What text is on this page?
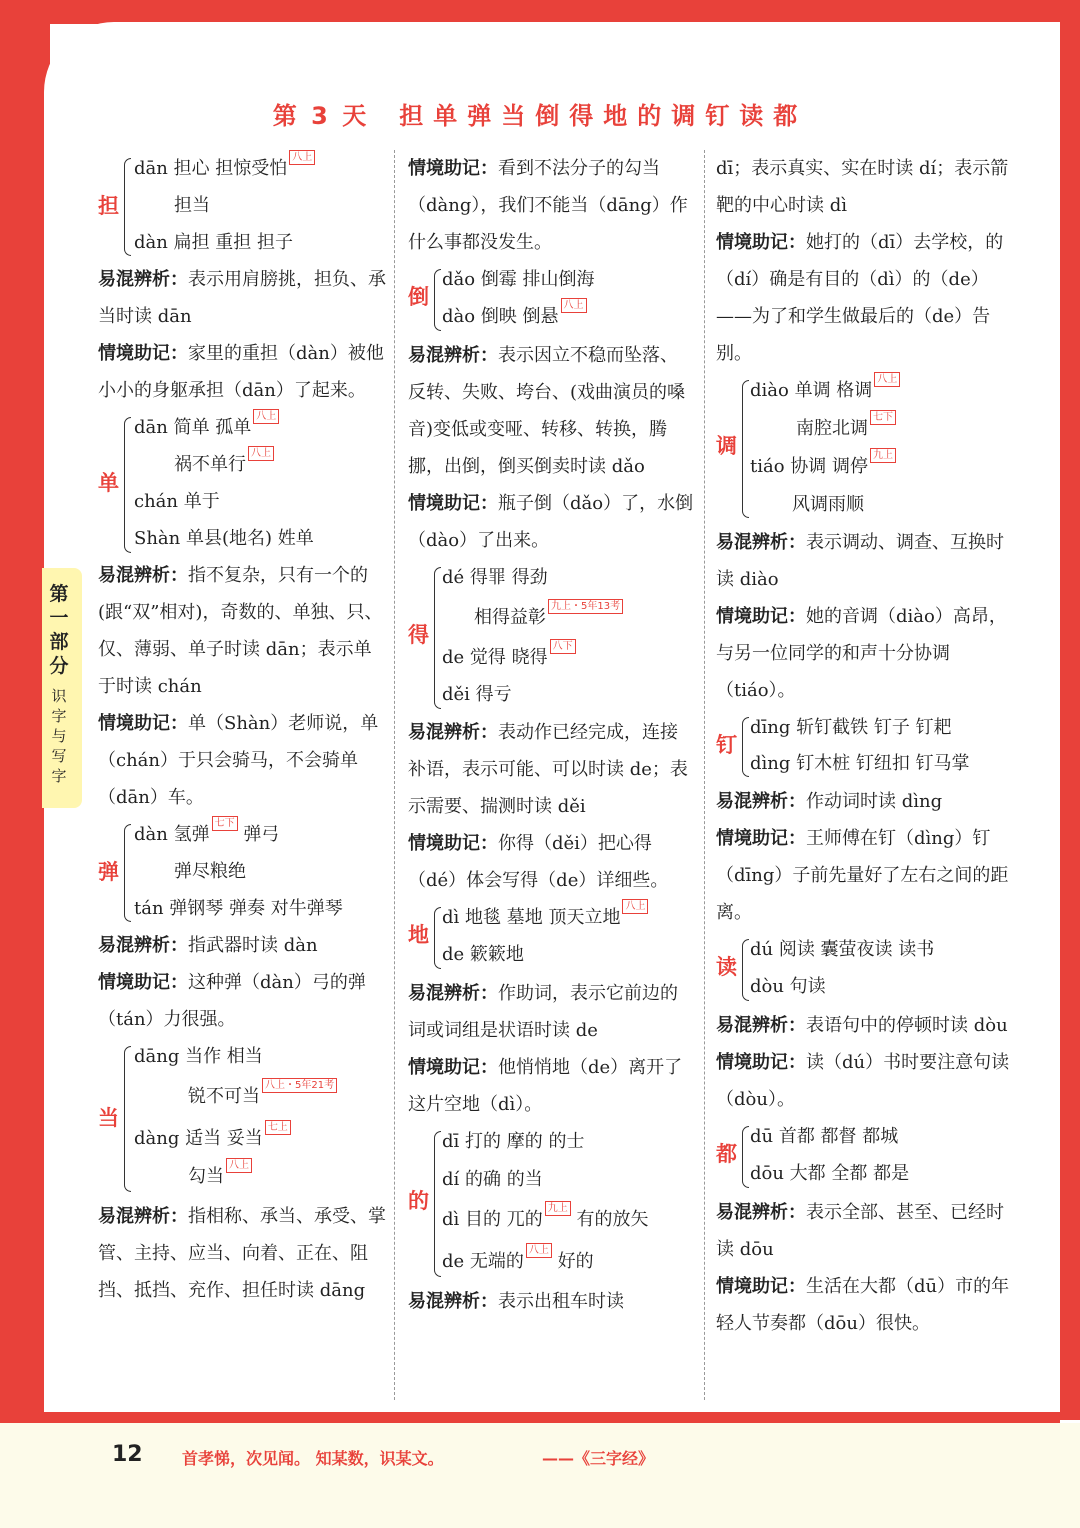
第 3 天 担单弹当倒得地的调钉读都
第一部分
识字与写字
担
dān 担心 担惊受怕八上
担当
dàn 扁担 重担 担子
易混辨析：表示用肩膀挑，担负、承当时读 dān
情境助记：家里的重担（dàn）被他小小的身躯承担（dān）了起来。
单
dān 简单 孤单八上
祸不单行八上
chán 单于
Shàn 单县(地名) 姓单
易混辨析：指不复杂，只有一个的(跟“双”相对)，奇数的、单独、只、仅、薄弱、单子时读 dān；表示单于时读 chán
情境助记：单（Shàn）老师说，单（chán）于只会骑马，不会骑单（dān）车。
弹
dàn 氢弹七下 弹弓
弹尽粮绝
tán 弹钢琴 弹奏 对牛弹琴
易混辨析：指武器时读 dàn
情境助记：这种弹（dàn）弓的弹（tán）力很强。
当
dāng 当作 相当
锐不可当八上・5年21考
dàng 适当 妥当七上
勾当八上
易混辨析：指相称、承当、承受、掌管、主持、应当、向着、正在、阻挡、抵挡、充作、担任时读 dāng
情境助记：看到不法分子的勾当（dàng），我们不能当（dāng）作什么事都没发生。
倒
dǎo 倒霉 排山倒海
dào 倒映 倒悬八上
易混辨析：表示因立不稳而坠落、反转、失败、垮台、(戏曲演员的嗓音)变低或变哑、转移、转换，腾挪，出倒，倒买倒卖时读 dǎo
情境助记：瓶子倒（dǎo）了，水倒（dào）了出来。
得
dé 得罪 得劲
相得益彰九上・5年13考
de 觉得 晓得八下
děi 得亏
易混辨析：表动作已经完成，连接补语，表示可能、可以时读 de；表示需要、揣测时读 děi
情境助记：你得（děi）把心得（dé）体会写得（de）详细些。
地
dì 地毯 墓地 顶天立地八上
de 簌簌地
易混辨析：作助词，表示它前边的词或词组是状语时读 de
情境助记：他悄悄地（de）离开了这片空地（dì）。
的
dī 打的 摩的 的士
dí 的确 的当
dì 目的 兀的九上 有的放矢
de 无端的八上 好的
易混辨析：表示出租车时读
dī；表示真实、实在时读 dí；表示箭靶的中心时读 dì
情境助记：她打的（dī）去学校，的（dí）确是有目的（dì）的（de）——为了和学生做最后的（de）告别。
调
diào 单调 格调八上
南腔北调七下
tiáo 协调 调停九上
风调雨顺
易混辨析：表示调动、调查、互换时读 diào
情境助记：她的音调（diào）高昂，与另一位同学的和声十分协调（tiáo）。
钉
dīng 斩钉截铁 钉子 钉耙
dìng 钉木桩 钉纽扣 钉马掌
易混辨析：作动词时读 dìng
情境助记：王师傅在钉（dìng）钉（dīng）子前先量好了左右之间的距离。
读
dú 阅读 囊萤夜读 读书
dòu 句读
易混辨析：表语句中的停顿时读 dòu
情境助记：读（dú）书时要注意句读（dòu）。
都
dū 首都 都督 都城
dōu 大都 全都 都是
易混辨析：表示全部、甚至、已经时读 dōu
情境助记：生活在大都（dū）市的年轻人节奏都（dōu）很快。
12 首孝悌，次见闻。 知某数，识某文。	——《三字经》
